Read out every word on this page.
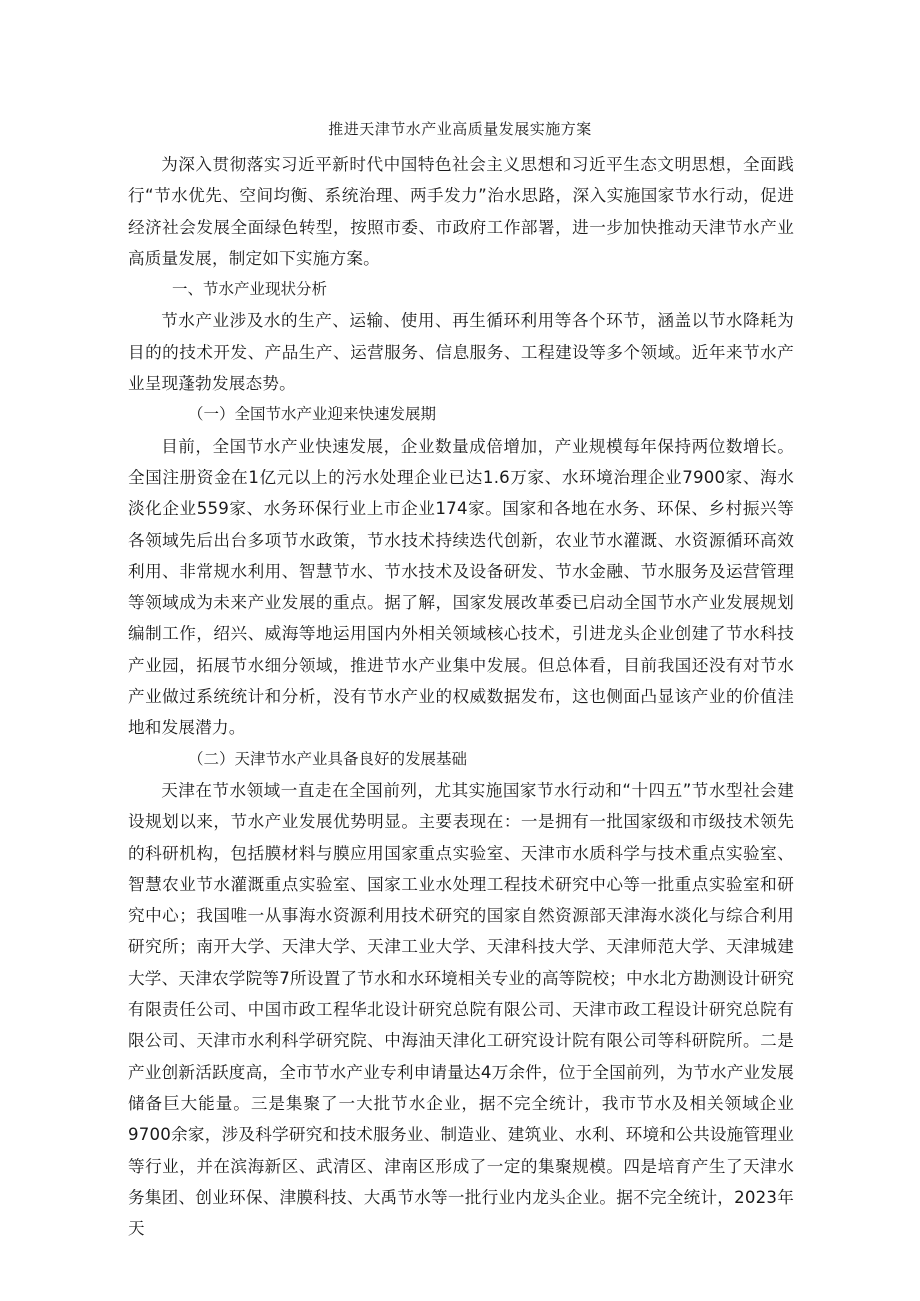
推进天津节水产业高质量发展实施方案

为深入贯彻落实习近平新时代中国特色社会主义思想和习近平生态文明思想，全面践行“节水优先、空间均衡、系统治理、两手发力”治水思路，深入实施国家节水行动，促进经济社会发展全面绿色转型，按照市委、市政府工作部署，进一步加快推动天津节水产业高质量发展，制定如下实施方案。

一、节水产业现状分析

节水产业涉及水的生产、运输、使用、再生循环利用等各个环节，涵盖以节水降耗为目的的技术开发、产品生产、运营服务、信息服务、工程建设等多个领域。近年来节水产业呈现蓬勃发展态势。

（一）全国节水产业迎来快速发展期

目前，全国节水产业快速发展，企业数量成倍增加，产业规模每年保持两位数增长。全国注册资金在1亿元以上的污水处理企业已达1.6万家、水环境治理企业7900家、海水淡化企业559家、水务环保行业上市企业174家。国家和各地在水务、环保、乡村振兴等各领域先后出台多项节水政策，节水技术持续迭代创新，农业节水灌溉、水资源循环高效利用、非常规水利用、智慧节水、节水技术及设备研发、节水金融、节水服务及运营管理等领域成为未来产业发展的重点。据了解，国家发展改革委已启动全国节水产业发展规划编制工作，绍兴、威海等地运用国内外相关领域核心技术，引进龙头企业创建了节水科技产业园，拓展节水细分领域，推进节水产业集中发展。但总体看，目前我国还没有对节水产业做过系统统计和分析，没有节水产业的权威数据发布，这也侧面凸显该产业的价值洼地和发展潜力。

（二）天津节水产业具备良好的发展基础

天津在节水领域一直走在全国前列，尤其实施国家节水行动和“十四五”节水型社会建设规划以来，节水产业发展优势明显。主要表现在：一是拥有一批国家级和市级技术领先的科研机构，包括膜材料与膜应用国家重点实验室、天津市水质科学与技术重点实验室、智慧农业节水灌溉重点实验室、国家工业水处理工程技术研究中心等一批重点实验室和研究中心；我国唯一从事海水资源利用技术研究的国家自然资源部天津海水淡化与综合利用研究所；南开大学、天津大学、天津工业大学、天津科技大学、天津师范大学、天津城建大学、天津农学院等7所设置了节水和水环境相关专业的高等院校；中水北方勘测设计研究有限责任公司、中国市政工程华北设计研究总院有限公司、天津市政工程设计研究总院有限公司、天津市水利科学研究院、中海油天津化工研究设计院有限公司等科研院所。二是产业创新活跃度高，全市节水产业专利申请量达4万余件，位于全国前列，为节水产业发展储备巨大能量。三是集聚了一大批节水企业，据不完全统计，我市节水及相关领域企业9700余家，涉及科学研究和技术服务业、制造业、建筑业、水利、环境和公共设施管理业等行业，并在滨海新区、武清区、津南区形成了一定的集聚规模。四是培育产生了天津水务集团、创业环保、津膜科技、大禹节水等一批行业内龙头企业。据不完全统计，2023年天
